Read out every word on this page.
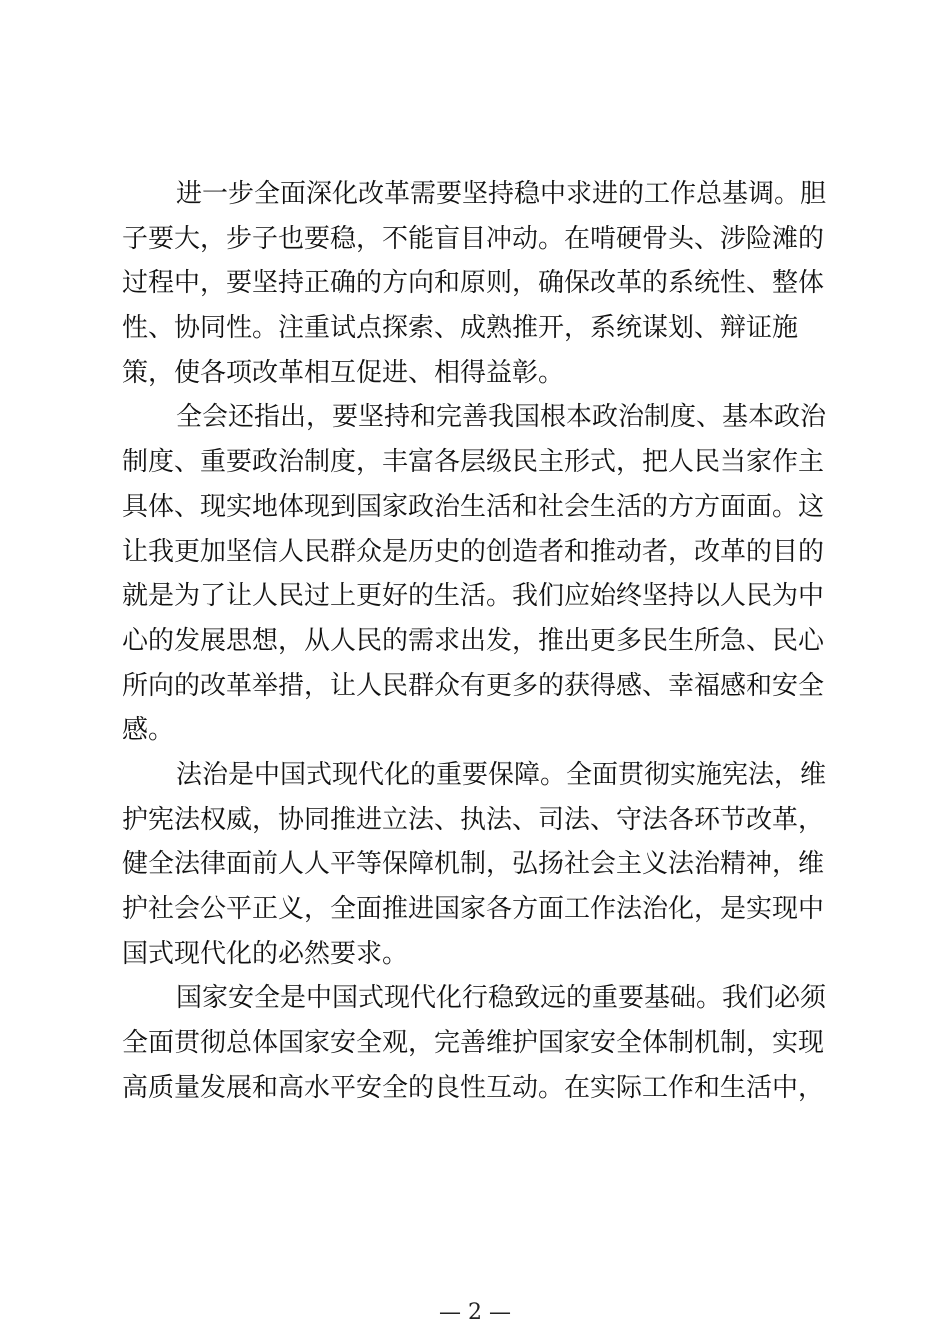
进一步全面深化改革需要坚持稳中求进的工作总基调。胆
子要大，步子也要稳，不能盲目冲动。在啃硬骨头、涉险滩的
过程中，要坚持正确的方向和原则，确保改革的系统性、整体
性、协同性。注重试点探索、成熟推开，系统谋划、辩证施
策，使各项改革相互促进、相得益彰。
全会还指出，要坚持和完善我国根本政治制度、基本政治
制度、重要政治制度，丰富各层级民主形式，把人民当家作主
具体、现实地体现到国家政治生活和社会生活的方方面面。这
让我更加坚信人民群众是历史的创造者和推动者，改革的目的
就是为了让人民过上更好的生活。我们应始终坚持以人民为中
心的发展思想，从人民的需求出发，推出更多民生所急、民心
所向的改革举措，让人民群众有更多的获得感、幸福感和安全
感。
法治是中国式现代化的重要保障。全面贯彻实施宪法，维
护宪法权威，协同推进立法、执法、司法、守法各环节改革，
健全法律面前人人平等保障机制，弘扬社会主义法治精神，维
护社会公平正义，全面推进国家各方面工作法治化，是实现中
国式现代化的必然要求。
国家安全是中国式现代化行稳致远的重要基础。我们必须
全面贯彻总体国家安全观，完善维护国家安全体制机制，实现
高质量发展和高水平安全的良性互动。在实际工作和生活中，
— 2 —
